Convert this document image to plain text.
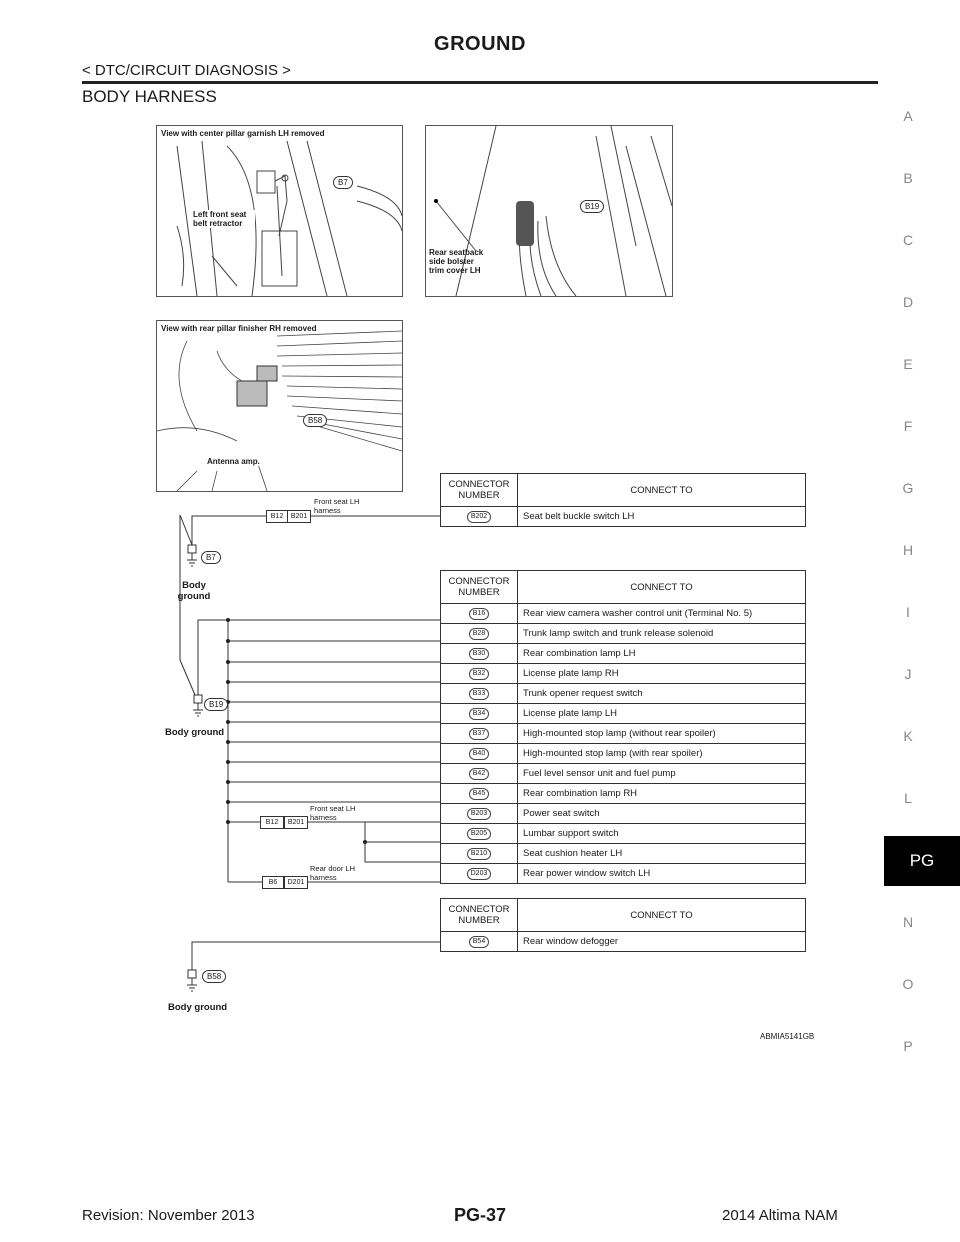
GROUND
< DTC/CIRCUIT DIAGNOSIS >
BODY HARNESS
A
B
C
D
E
F
G
H
I
J
K
L
PG
N
O
P
View with center pillar garnish LH removed
B7
Left front seat belt retractor
B19
Rear seatback side bolster trim cover LH
View with rear pillar finisher RH removed
B58
Antenna amp.
B7
Body ground
B19
Body ground
B58
Body ground
B12	B201
Front seat LH harness
B12	B201
Front seat LH harness
B6	D201
Rear door LH harness
CONNECTOR NUMBER	CONNECT TO
B202	Seat belt buckle switch LH
CONNECTOR NUMBER	CONNECT TO
B16	Rear view camera washer control unit (Terminal No. 5)
B28	Trunk lamp switch and trunk release solenoid
B30	Rear combination lamp LH
B32	License plate lamp RH
B33	Trunk opener request switch
B34	License plate lamp LH
B37	High-mounted stop lamp (without rear spoiler)
B40	High-mounted stop lamp (with rear spoiler)
B42	Fuel level sensor unit and fuel pump
B45	Rear combination lamp RH
B203	Power seat switch
B205	Lumbar support switch
B210	Seat cushion heater LH
D203	Rear power window switch LH
CONNECTOR NUMBER	CONNECT TO
B54	Rear window defogger
ABMIA5141GB
Revision: November 2013	PG-37	2014 Altima NAM
